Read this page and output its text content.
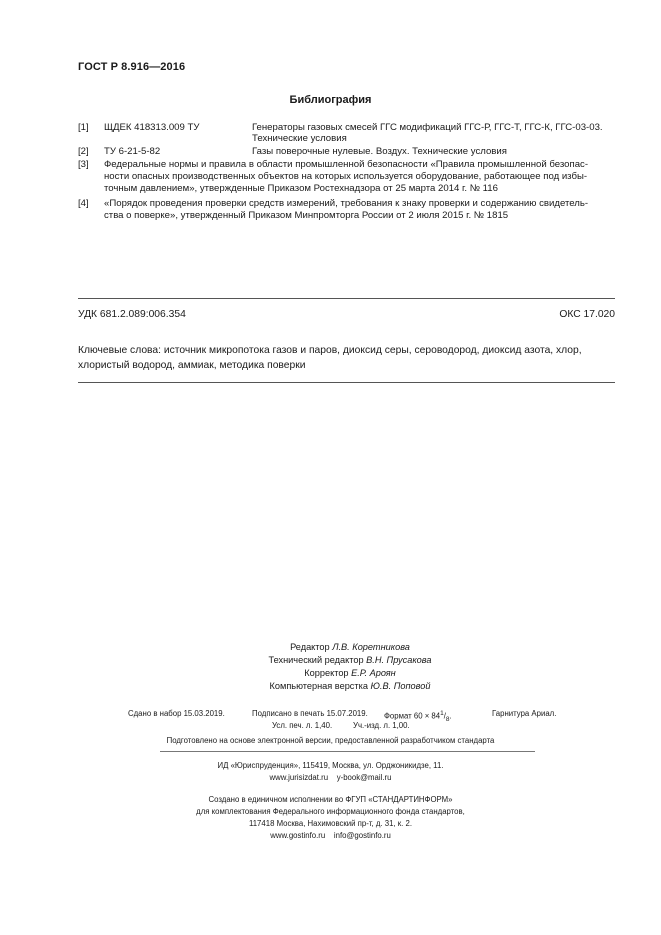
ГОСТ Р 8.916—2016
Библиография
[1]	ЩДЕК 418313.009 ТУ	Генераторы газовых смесей ГГС модификаций ГГС-Р, ГГС-Т, ГГС-К, ГГС-03-03.
Технические условия
[2]	ТУ 6-21-5-82	Газы поверочные нулевые. Воздух. Технические условия
[3]	Федеральные нормы и правила в области промышленной безопасности «Правила промышленной безопас-
ности опасных производственных объектов на которых используется оборудование, работающее под избы-
точным давлением», утвержденные Приказом Ростехнадзора от 25 марта 2014 г. № 116
[4]	«Порядок проведения проверки средств измерений, требования к знаку проверки и содержанию свидетель-
ства о поверке», утвержденный Приказом Минпромторга России от 2 июля 2015 г. № 1815
УДК 681.2.089:006.354	ОКС 17.020
Ключевые слова: источник микропотока газов и паров, диоксид серы, сероводород, диоксид азота, хлор,
хлористый водород, аммиак, методика поверки
Редактор Л.В. Коретникова
Технический редактор В.Н. Прусакова
Корректор Е.Р. Ароян
Компьютерная верстка Ю.В. Поповой
Сдано в набор 15.03.2019.	Подписано в печать 15.07.2019. Формат $60 \times 84^1/_8$.	Гарнитура Ариал.
Усл. печ. л. 1,40.	Уч.-изд. л. 1,00.
Подготовлено на основе электронной версии, предоставленной разработчиком стандарта
ИД «Юриспруденция», 115419, Москва, ул. Орджоникидзе, 11.
www.jurisizdat.ru y-book@mail.ru
Создано в единичном исполнении во ФГУП «СТАНДАРТИНФОРМ»
для комплектования Федерального информационного фонда стандартов,
117418 Москва, Нахимовский пр-т, д. 31, к. 2.
www.gostinfo.ru info@gostinfo.ru
